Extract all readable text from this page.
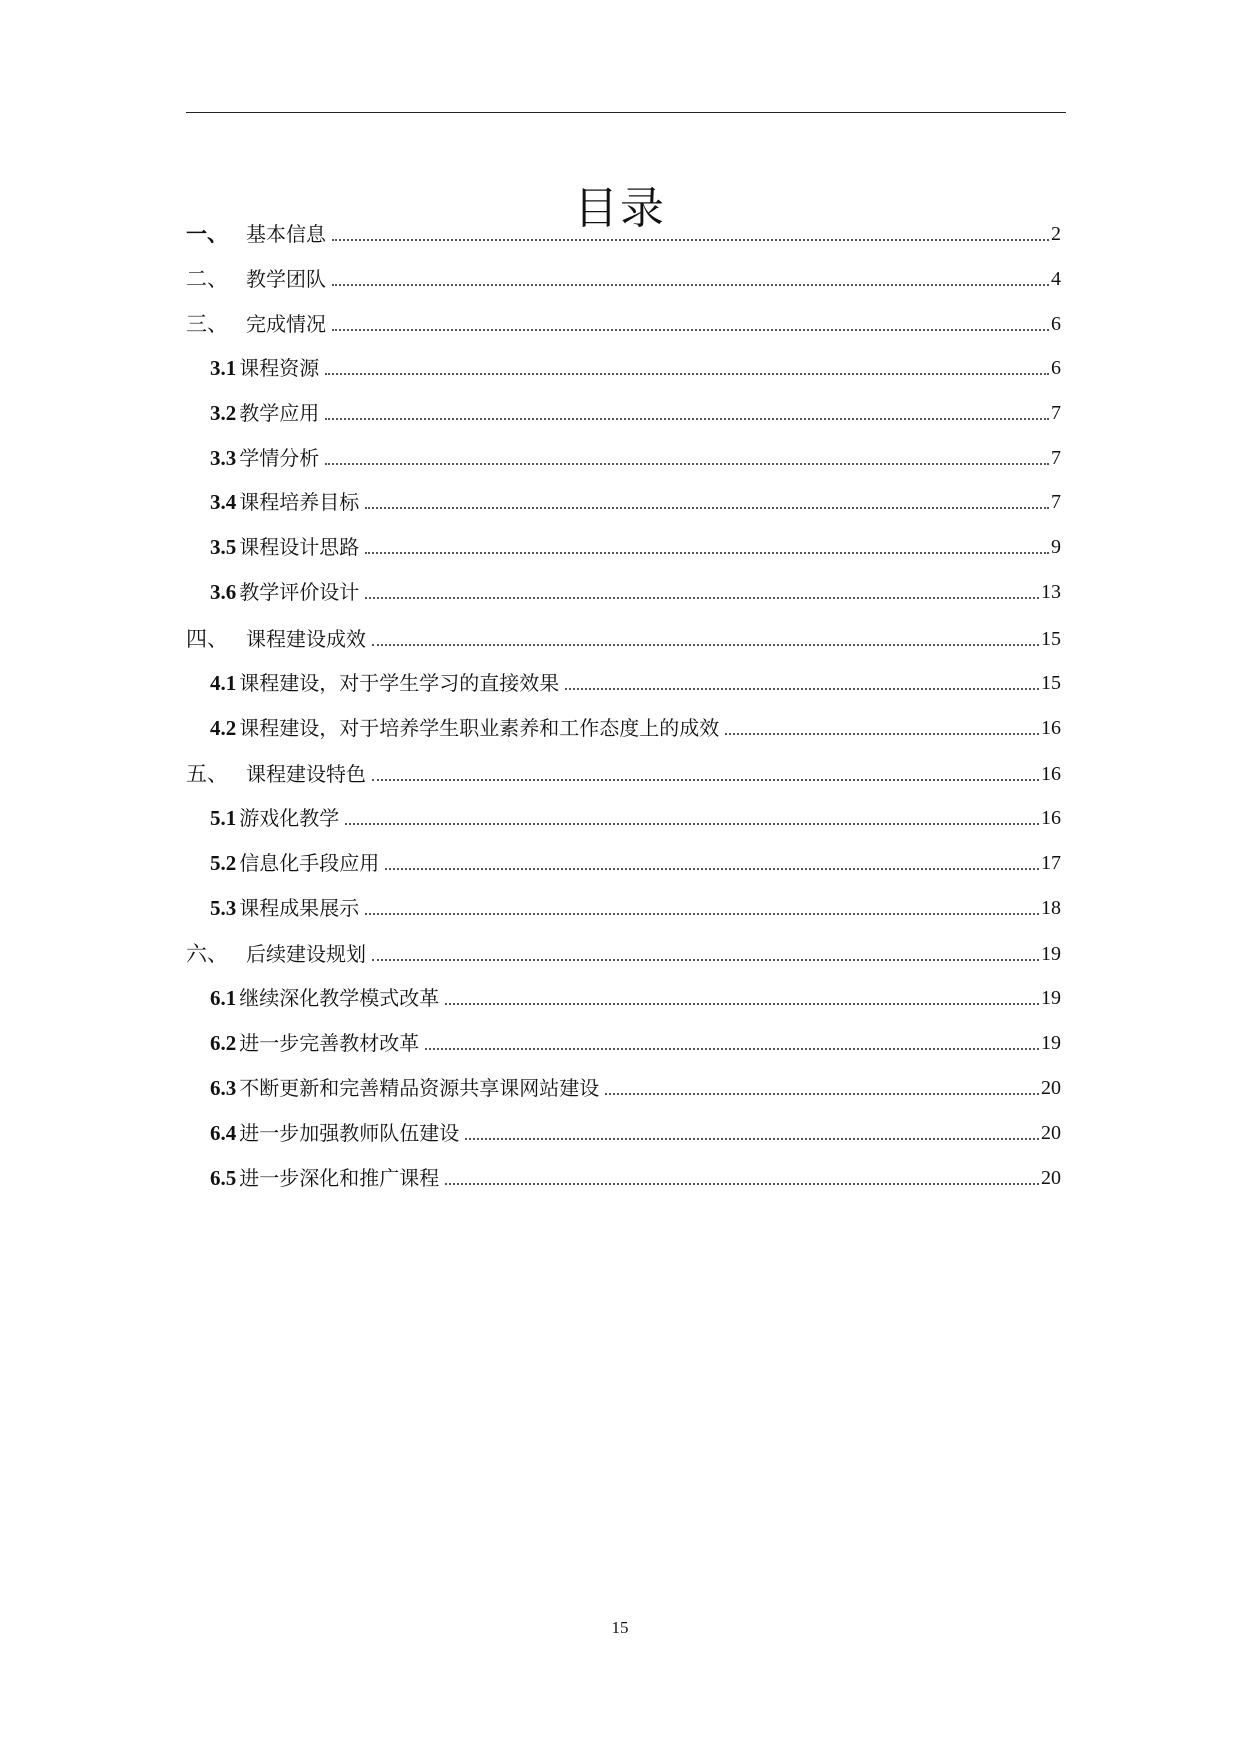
目录
一、 基本信息	2
二、 教学团队	4
三、 完成情况	6
3.1 课程资源	6
3.2 教学应用	7
3.3 学情分析	7
3.4 课程培养目标	7
3.5 课程设计思路	9
3.6 教学评价设计	13
四、 课程建设成效	15
4.1 课程建设，对于学生学习的直接效果	15
4.2 课程建设，对于培养学生职业素养和工作态度上的成效	16
五、 课程建设特色	16
5.1 游戏化教学	16
5.2 信息化手段应用	17
5.3 课程成果展示	18
六、 后续建设规划	19
6.1 继续深化教学模式改革	19
6.2 进一步完善教材改革	19
6.3 不断更新和完善精品资源共享课网站建设	20
6.4 进一步加强教师队伍建设	20
6.5 进一步深化和推广课程	20
15
